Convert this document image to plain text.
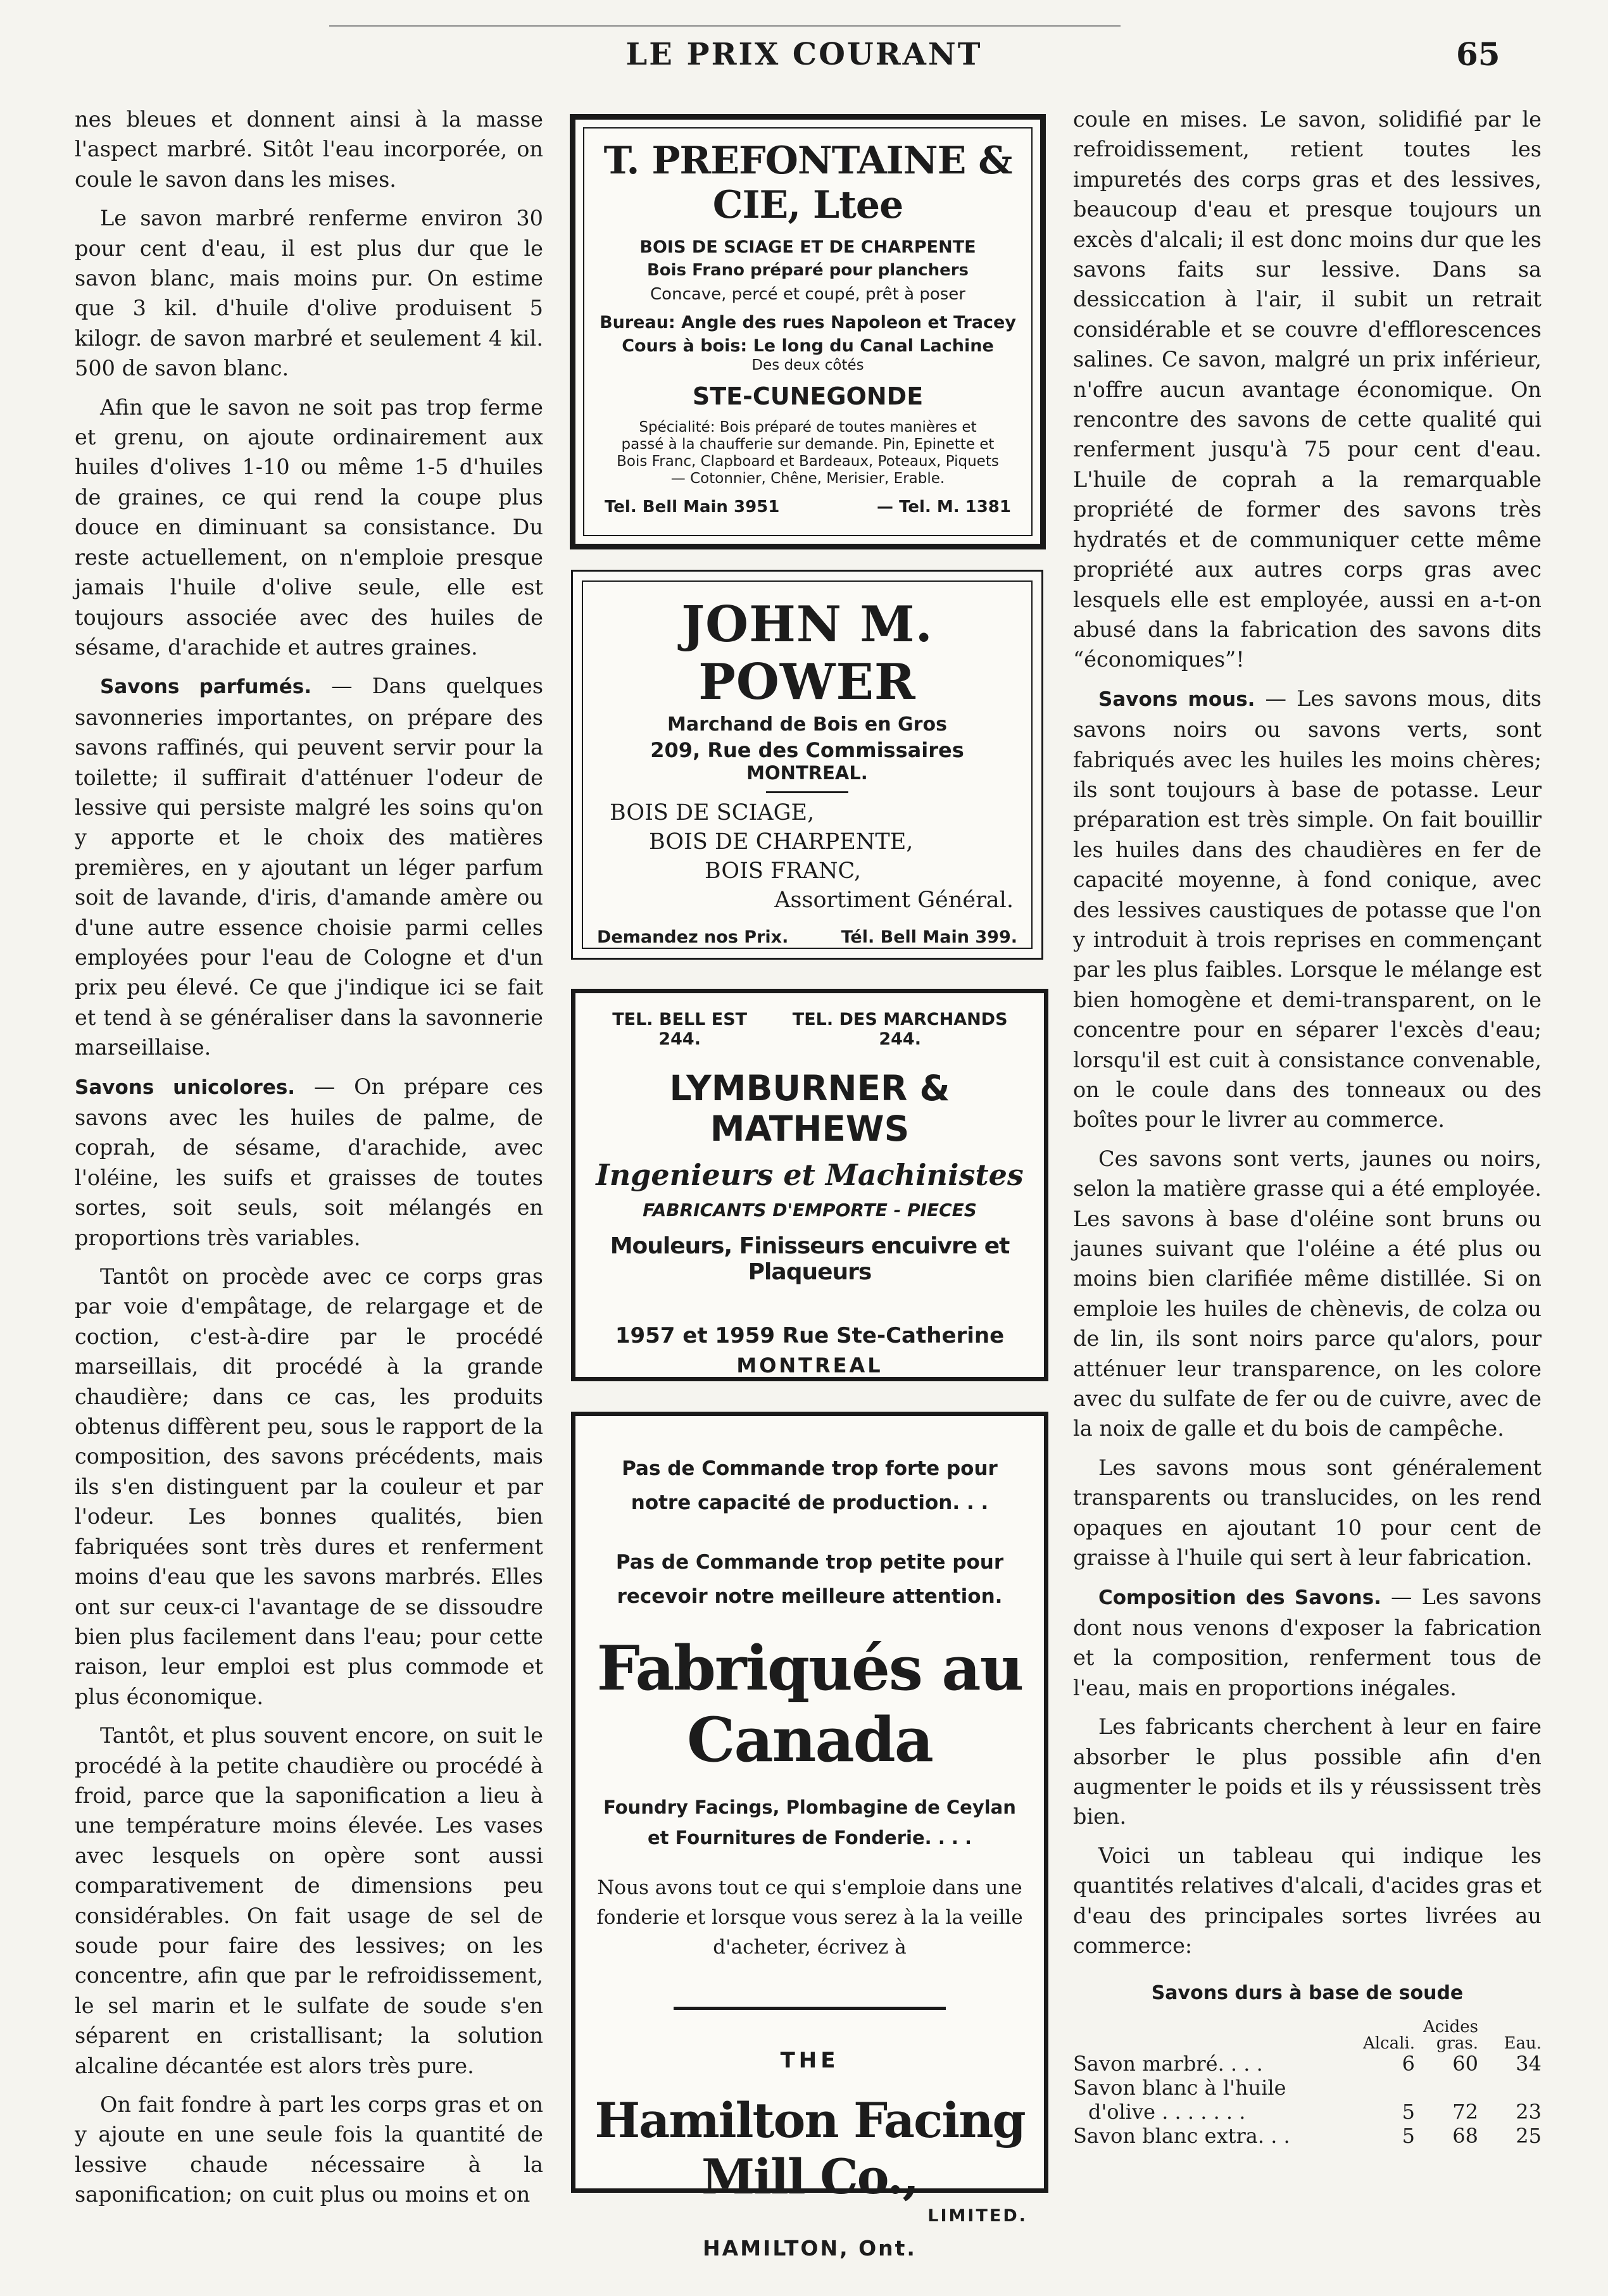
LE PRIX COURANT	65

nes bleues et donnent ainsi à la masse l'aspect marbré. Sitôt l'eau incorporée, on coule le savon dans les mises.

Le savon marbré renferme environ 30 pour cent d'eau, il est plus dur que le savon blanc, mais moins pur. On estime que 3 kil. d'huile d'olive produisent 5 kilogr. de savon marbré et seulement 4 kil. 500 de savon blanc.

Afin que le savon ne soit pas trop ferme et grenu, on ajoute ordinairement aux huiles d'olives 1-10 ou même 1-5 d'huiles de graines, ce qui rend la coupe plus douce en diminuant sa consistance. Du reste actuellement, on n'emploie presque jamais l'huile d'olive seule, elle est toujours associée avec des huiles de sésame, d'arachide et autres graines.

Savons parfumés. — Dans quelques savonneries importantes, on prépare des savons raffinés, qui peuvent servir pour la toilette; il suffirait d'atténuer l'odeur de lessive qui persiste malgré les soins qu'on y apporte et le choix des matières premières, en y ajoutant un léger parfum soit de lavande, d'iris, d'amande amère ou d'une autre essence choisie parmi celles employées pour l'eau de Cologne et d'un prix peu élevé. Ce que j'indique ici se fait et tend à se généraliser dans la savonnerie marseillaise.

Savons unicolores. — On prépare ces savons avec les huiles de palme, de coprah, de sésame, d'arachide, avec l'oléine, les suifs et graisses de toutes sortes, soit seuls, soit mélangés en proportions très variables.

Tantôt on procède avec ce corps gras par voie d'empâtage, de relargage et de coction, c'est-à-dire par le procédé marseillais, dit procédé à la grande chaudière; dans ce cas, les produits obtenus diffèrent peu, sous le rapport de la composition, des savons précédents, mais ils s'en distinguent par la couleur et par l'odeur. Les bonnes qualités, bien fabriquées sont très dures et renferment moins d'eau que les savons marbrés. Elles ont sur ceux-ci l'avantage de se dissoudre bien plus facilement dans l'eau; pour cette raison, leur emploi est plus commode et plus économique.

Tantôt, et plus souvent encore, on suit le procédé à la petite chaudière ou procédé à froid, parce que la saponification a lieu à une température moins élevée. Les vases avec lesquels on opère sont aussi comparativement de dimensions peu considérables. On fait usage de sel de soude pour faire des lessives; on les concentre, afin que par le refroidissement, le sel marin et le sulfate de soude s'en séparent en cristallisant; la solution alcaline décantée est alors très pure.

On fait fondre à part les corps gras et on y ajoute en une seule fois la quantité de lessive chaude nécessaire à la saponification; on cuit plus ou moins et on

T. PREFONTAINE & CIE, Ltee
BOIS DE SCIAGE ET DE CHARPENTE
Bois Frano préparé pour planchers
Concave, percé et coupé, prêt à poser
Bureau: Angle des rues Napoleon et Tracey
Cours à bois: Le long du Canal Lachine
Des deux côtés
STE-CUNEGONDE
Spécialité: Bois préparé de toutes manières et passé à la chaufferie sur demande. Pin, Epinette et Bois Franc, Clapboard et Bardeaux, Poteaux, Piquets — Cotonnier, Chêne, Merisier, Erable.
Tel. Bell Main 3951	— Tel. M. 1381
JOHN M. POWER
Marchand de Bois en Gros
209, Rue des Commissaires
MONTREAL.
BOIS DE SCIAGE,
BOIS DE CHARPENTE,
BOIS FRANC,
Assortiment Général.
Demandez nos Prix.	Tél. Bell Main 399.
TEL. BELL EST 244.
TEL. DES MARCHANDS 244.
LYMBURNER & MATHEWS
Ingenieurs et Machinistes
FABRICANTS D'EMPORTE - PIECES
Mouleurs, Finisseurs encuivre et Plaqueurs
1957 et 1959 Rue Ste-Catherine
MONTREAL
Pas de Commande trop forte pour notre capacité de production. . .
Pas de Commande trop petite pour recevoir notre meilleure attention.
Fabriqués au Canada
Foundry Facings, Plombagine de Ceylan et Fournitures de Fonderie. . . .
Nous avons tout ce qui s'emploie dans une fonderie et lorsque vous serez à la la veille d'acheter, écrivez à
THE
Hamilton Facing Mill Co.,
LIMITED.
HAMILTON, Ont.

coule en mises. Le savon, solidifié par le refroidissement, retient toutes les impuretés des corps gras et des lessives, beaucoup d'eau et presque toujours un excès d'alcali; il est donc moins dur que les savons faits sur lessive. Dans sa dessiccation à l'air, il subit un retrait considérable et se couvre d'efflorescences salines. Ce savon, malgré un prix inférieur, n'offre aucun avantage économique. On rencontre des savons de cette qualité qui renferment jusqu'à 75 pour cent d'eau. L'huile de coprah a la remarquable propriété de former des savons très hydratés et de communiquer cette même propriété aux autres corps gras avec lesquels elle est employée, aussi en a-t-on abusé dans la fabrication des savons dits “économiques”!

Savons mous. — Les savons mous, dits savons noirs ou savons verts, sont fabriqués avec les huiles les moins chères; ils sont toujours à base de potasse. Leur préparation est très simple. On fait bouillir les huiles dans des chaudières en fer de capacité moyenne, à fond conique, avec des lessives caustiques de potasse que l'on y introduit à trois reprises en commençant par les plus faibles. Lorsque le mélange est bien homogène et demi-transparent, on le concentre pour en séparer l'excès d'eau; lorsqu'il est cuit à consistance convenable, on le coule dans des tonneaux ou des boîtes pour le livrer au commerce.

Ces savons sont verts, jaunes ou noirs, selon la matière grasse qui a été employée. Les savons à base d'oléine sont bruns ou jaunes suivant que l'oléine a été plus ou moins bien clarifiée même distillée. Si on emploie les huiles de chènevis, de colza ou de lin, ils sont noirs parce qu'alors, pour atténuer leur transparence, on les colore avec du sulfate de fer ou de cuivre, avec de la noix de galle et du bois de campêche.

Les savons mous sont généralement transparents ou translucides, on les rend opaques en ajoutant 10 pour cent de graisse à l'huile qui sert à leur fabrication.

Composition des Savons. — Les savons dont nous venons d'exposer la fabrication et la composition, renferment tous de l'eau, mais en proportions inégales.

Les fabricants cherchent à leur en faire absorber le plus possible afin d'en augmenter le poids et ils y réussissent très bien.

Voici un tableau qui indique les quantités relatives d'alcali, d'acides gras et d'eau des principales sortes livrées au commerce:

Savons durs à base de soude
		Acides	
	Alcali.	gras.	Eau.
Savon marbré. . . .	6	60	34
Savon blanc à l'huile			
d'olive . . . . . . .	5	72	23
Savon blanc extra. . .	5	68	25
